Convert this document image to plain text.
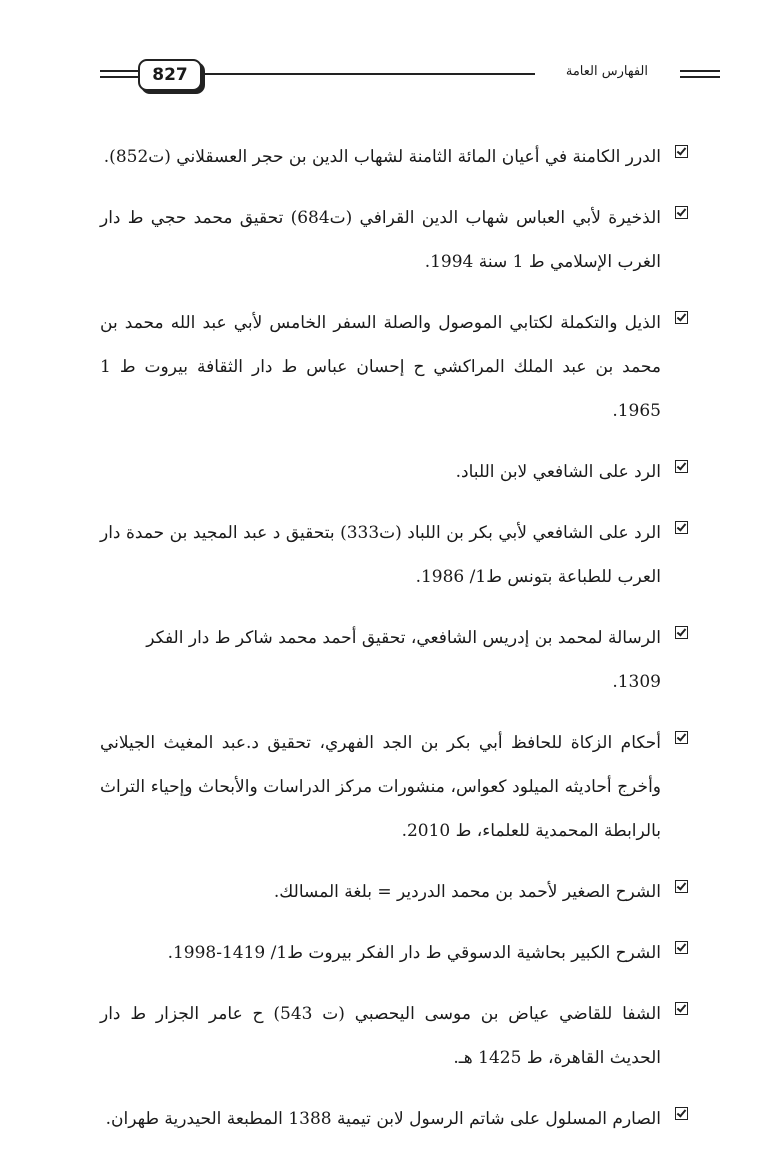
827	الفهارس العامة
الدرر الكامنة في أعيان المائة الثامنة لشهاب الدين بن حجر العسقلاني (ت852).
الذخيرة لأبي العباس شهاب الدين القرافي (ت684) تحقيق محمد حجي ط دار الغرب الإسلامي ط 1 سنة 1994.
الذيل والتكملة لكتابي الموصول والصلة السفر الخامس لأبي عبد الله محمد بن محمد بن عبد الملك المراكشي ح إحسان عباس ط دار الثقافة بيروت ط 1 1965.
الرد على الشافعي لابن اللباد.
الرد على الشافعي لأبي بكر بن اللباد (ت333) بتحقيق د عبد المجيد بن حمدة دار العرب للطباعة بتونس ط1/ 1986.
الرسالة لمحمد بن إدريس الشافعي، تحقيق أحمد محمد شاكر ط دار الفكر 1309.
أحكام الزكاة للحافظ أبي بكر بن الجد الفهري، تحقيق د.عبد المغيث الجيلاني وأخرج أحاديثه الميلود كعواس، منشورات مركز الدراسات والأبحاث وإحياء التراث بالرابطة المحمدية للعلماء، ط 2010.
الشرح الصغير لأحمد بن محمد الدردير = بلغة المسالك.
الشرح الكبير بحاشية الدسوقي ط دار الفكر بيروت ط1/ 1419-1998.
الشفا للقاضي عياض بن موسى اليحصبي (ت 543) ح عامر الجزار ط دار الحديث القاهرة، ط 1425 هـ.
الصارم المسلول على شاتم الرسول لابن تيمية 1388 المطبعة الحيدرية طهران.
